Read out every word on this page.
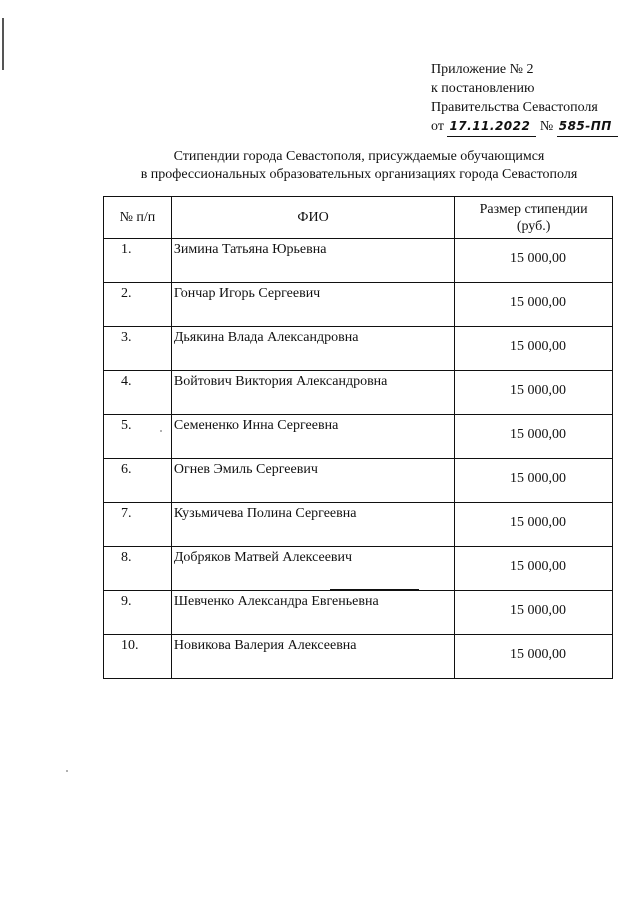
Приложение № 2
к постановлению
Правительства Севастополя
от 17.11.2022 № 585-ПП
Стипендии города Севастополя, присуждаемые обучающимся
в профессиональных образовательных организациях города Севастополя
№ п/п	ФИО	Размер стипендии
(руб.)

1.	Зимина Татьяна Юрьевна	15 000,00
2.	Гончар Игорь Сергеевич	15 000,00
3.	Дьякина Влада Александровна	15 000,00
4.	Войтович Виктория Александровна	15 000,00
5.	Семененко Инна Сергеевна	15 000,00
6.	Огнев Эмиль Сергеевич	15 000,00
7.	Кузьмичева Полина Сергеевна	15 000,00
8.	Добряков Матвей Алексеевич	15 000,00
9.	Шевченко Александра Евгеньевна	15 000,00
10.	Новикова Валерия Алексеевна	15 000,00
